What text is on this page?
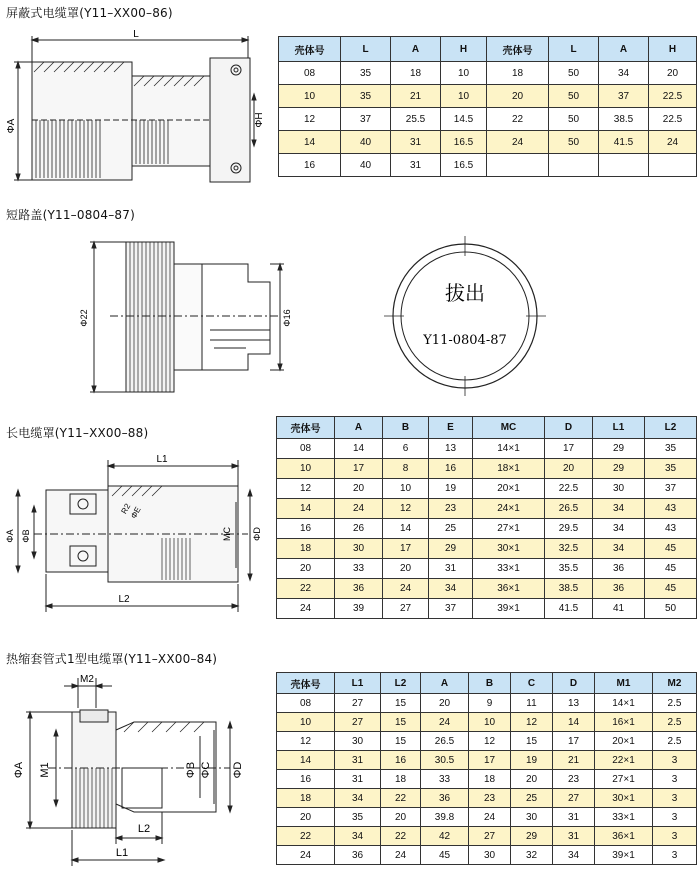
屏蔽式电缆罩(Y11–XX00–86)
L
ΦA	ΦH
壳体号	L	A	H	壳体号	L	A	H
08	35	18	10	18	50	34	20
10	35	21	10	20	50	37	22.5
12	37	25.5	14.5	22	50	38.5	22.5
14	40	31	16.5	24	50	41.5	24
16	40	31	16.5				
短路盖(Y11–0804–87)
Φ22	Φ16
拔出
Y11-0804-87
长电缆罩(Y11–XX00–88)
L1
L2
ΦA ΦB
R2
ΦE
MC ΦD
壳体号	A	B	E	MC	D	L1	L2
08	14	6	13	14×1	17	29	35
10	17	8	16	18×1	20	29	35
12	20	10	19	20×1	22.5	30	37
14	24	12	23	24×1	26.5	34	43
16	26	14	25	27×1	29.5	34	43
18	30	17	29	30×1	32.5	34	45
20	33	20	31	33×1	35.5	36	45
22	36	24	34	36×1	38.5	36	45
24	39	27	37	39×1	41.5	41	50
热缩套管式1型电缆罩(Y11–XX00–84)
M2
ΦA M1	ΦB ΦC ΦD
L2
L1
壳体号	L1	L2	A	B	C	D	M1	M2
08	27	15	20	9	11	13	14×1	2.5
10	27	15	24	10	12	14	16×1	2.5
12	30	15	26.5	12	15	17	20×1	2.5
14	31	16	30.5	17	19	21	22×1	3
16	31	18	33	18	20	23	27×1	3
18	34	22	36	23	25	27	30×1	3
20	35	20	39.8	24	30	31	33×1	3
22	34	22	42	27	29	31	36×1	3
24	36	24	45	30	32	34	39×1	3
